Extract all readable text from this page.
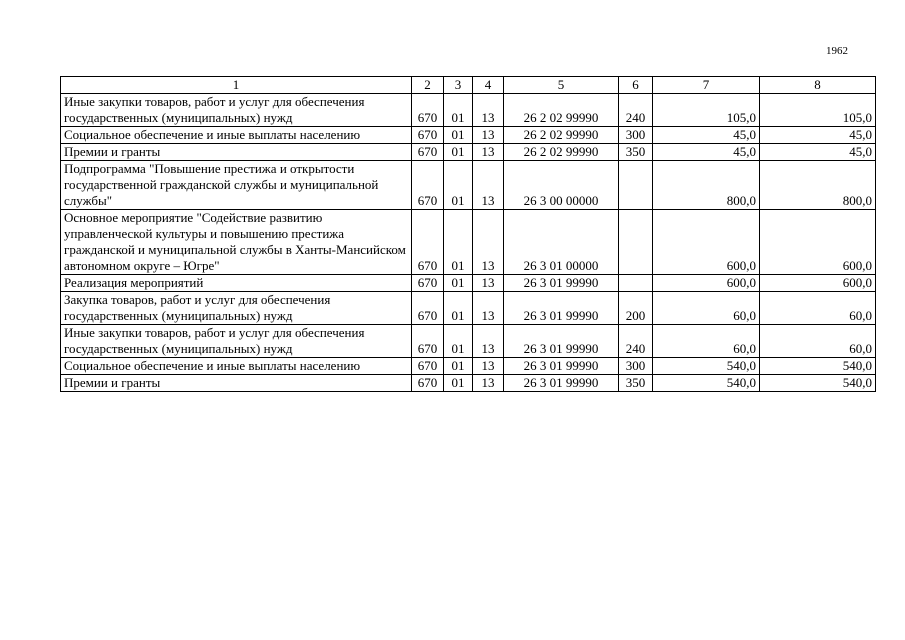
1962
1	2	3	4	5	6	7	8
Иные закупки товаров, работ и услуг для обеспечения государственных (муниципальных) нужд	670	01	13	26 2 02 99990	240	105,0	105,0
Социальное обеспечение и иные выплаты населению	670	01	13	26 2 02 99990	300	45,0	45,0
Премии и гранты	670	01	13	26 2 02 99990	350	45,0	45,0
Подпрограмма "Повышение престижа и открытости государственной гражданской службы и муниципальной службы"	670	01	13	26 3 00 00000		800,0	800,0
Основное мероприятие "Содействие развитию управленческой культуры и повышению престижа гражданской и муниципальной службы в Ханты-Мансийском автономном округе – Югре"	670	01	13	26 3 01 00000		600,0	600,0
Реализация мероприятий	670	01	13	26 3 01 99990		600,0	600,0
Закупка товаров, работ и услуг для обеспечения государственных (муниципальных) нужд	670	01	13	26 3 01 99990	200	60,0	60,0
Иные закупки товаров, работ и услуг для обеспечения государственных (муниципальных) нужд	670	01	13	26 3 01 99990	240	60,0	60,0
Социальное обеспечение и иные выплаты населению	670	01	13	26 3 01 99990	300	540,0	540,0
Премии и гранты	670	01	13	26 3 01 99990	350	540,0	540,0
